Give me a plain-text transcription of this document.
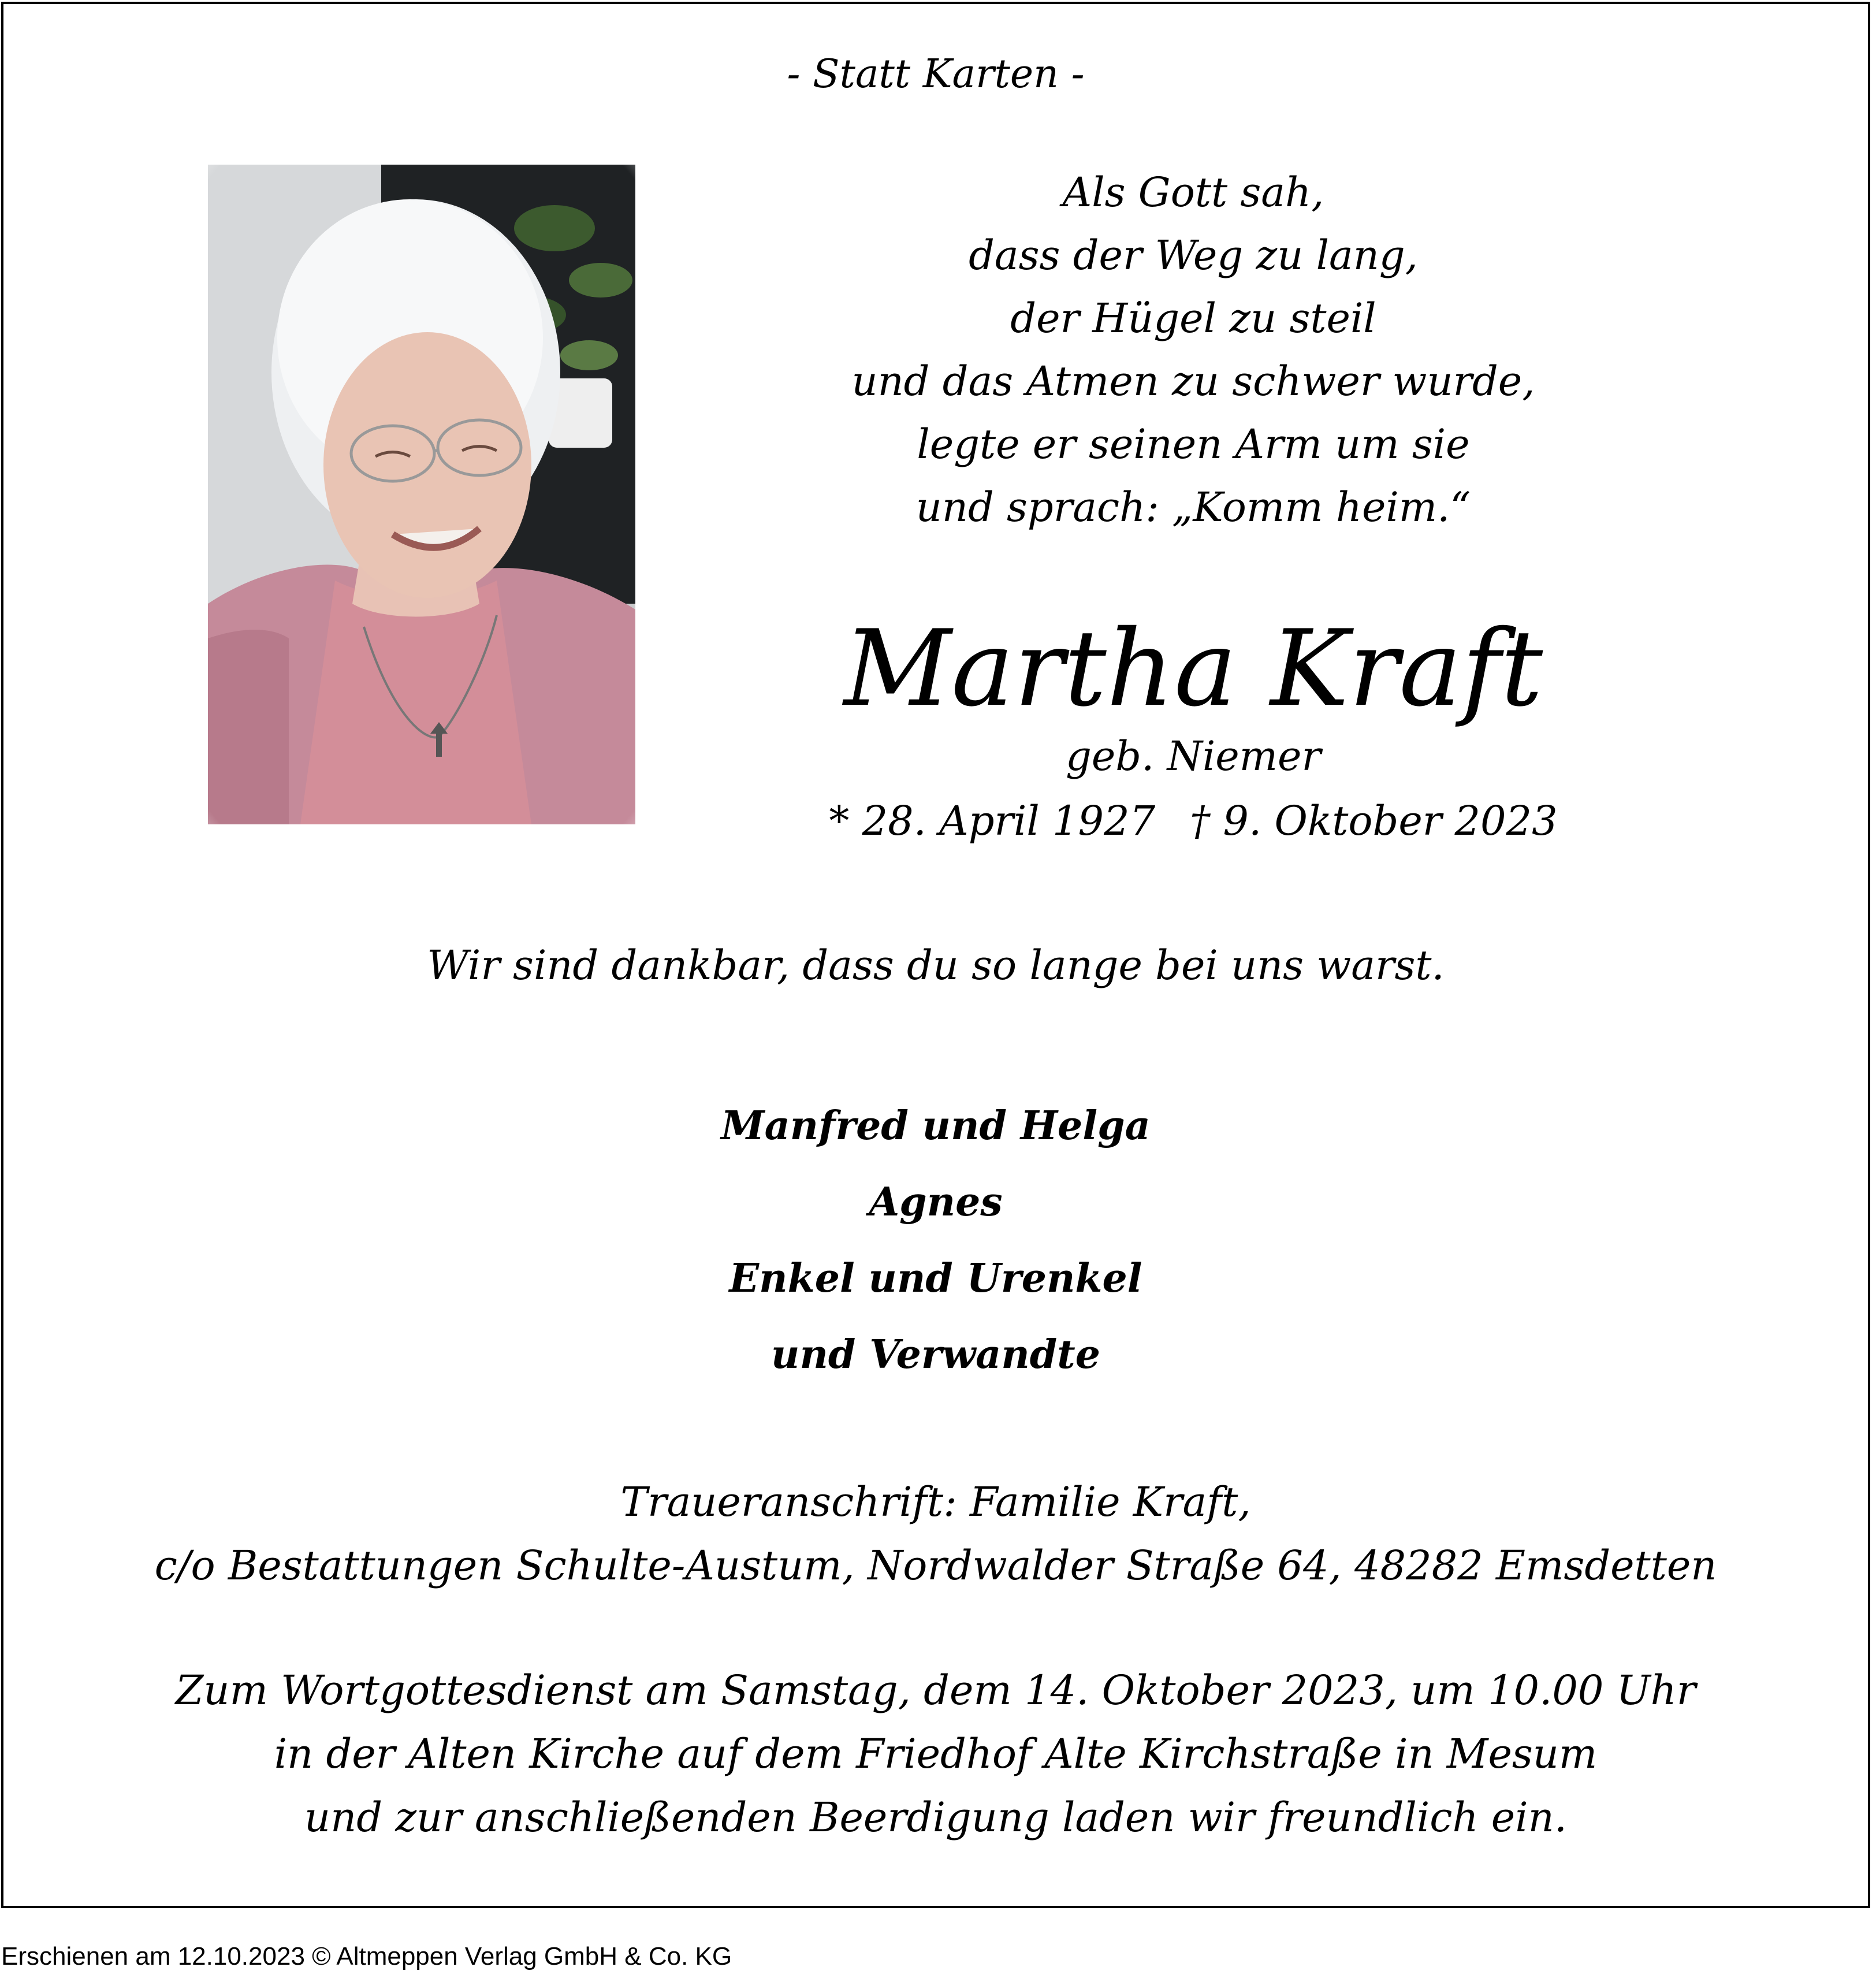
- Statt Karten -
Als Gott sah,
dass der Weg zu lang,
der Hügel zu steil
und das Atmen zu schwer wurde,
legte er seinen Arm um sie
und sprach: „Komm heim.“
Martha Kraft
geb. Niemer
* 28. April 1927 † 9. Oktober 2023
Wir sind dankbar, dass du so lange bei uns warst.
Manfred und Helga
Agnes
Enkel und Urenkel
und Verwandte
Traueranschrift: Familie Kraft,
c/o Bestattungen Schulte-Austum, Nordwalder Straße 64, 48282 Emsdetten
Zum Wortgottesdienst am Samstag, dem 14. Oktober 2023, um 10.00 Uhr
in der Alten Kirche auf dem Friedhof Alte Kirchstraße in Mesum
und zur anschließenden Beerdigung laden wir freundlich ein.
Erschienen am 12.10.2023 © Altmeppen Verlag GmbH & Co. KG
